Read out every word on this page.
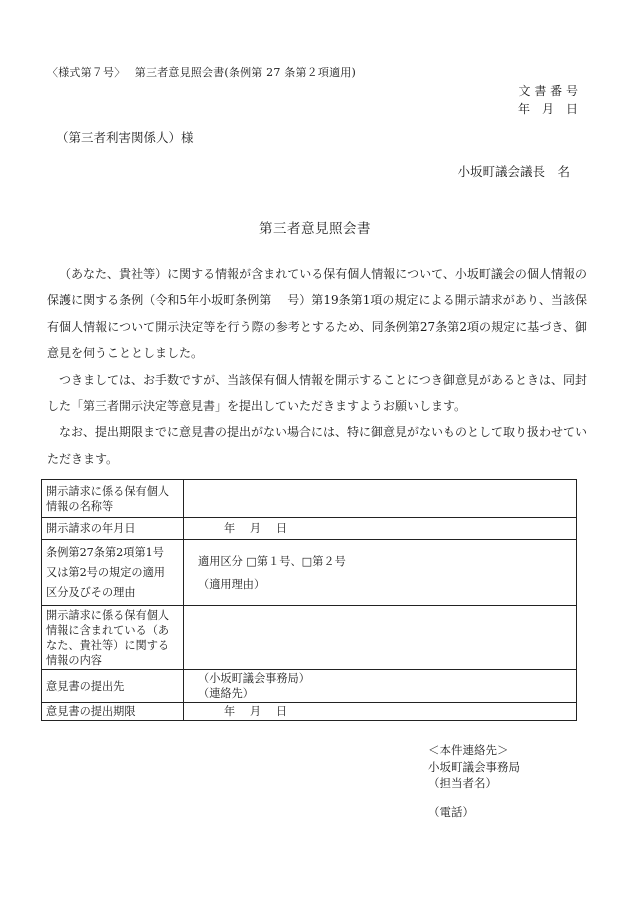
〈様式第７号〉　 第三者意見照会書(条例第 27 条第２項適用)
文 書 番 号
年　月　日
（第三者利害関係人）様
小坂町議会議長　名
第三者意見照会書

（あなた、貴社等）に関する情報が含まれている保有個人情報について、小坂町議会の個人情報の保護に関する条例（令和5年小坂町条例第　 号）第19条第1項の規定による開示請求があり、当該保有個人情報について開示決定等を行う際の参考とするため、同条例第27条第2項の規定に基づき、御意見を伺うこととしました。

つきましては、お手数ですが、当該保有個人情報を開示することにつき御意見があるときは、同封した「第三者開示決定等意見書」を提出していただきますようお願いします。

なお、提出期限までに意見書の提出がない場合には、特に御意見がないものとして取り扱わせていただきます。

開示請求に係る保有個人情報の名称等	
開示請求の年月日	年　 月　 日

条例第27条第2項第1号
又は第2号の規定の適用
区分及びその理由	適用区分 □第１号、□第２号
（適用理由）

開示請求に係る保有個人情報に含まれている（あなた、貴社等）に関する情報の内容	
意見書の提出先	（小坂町議会事務局）
（連絡先）

意見書の提出期限	年　 月　 日
＜本件連絡先＞
小坂町議会事務局
（担当者名）
（電話）
